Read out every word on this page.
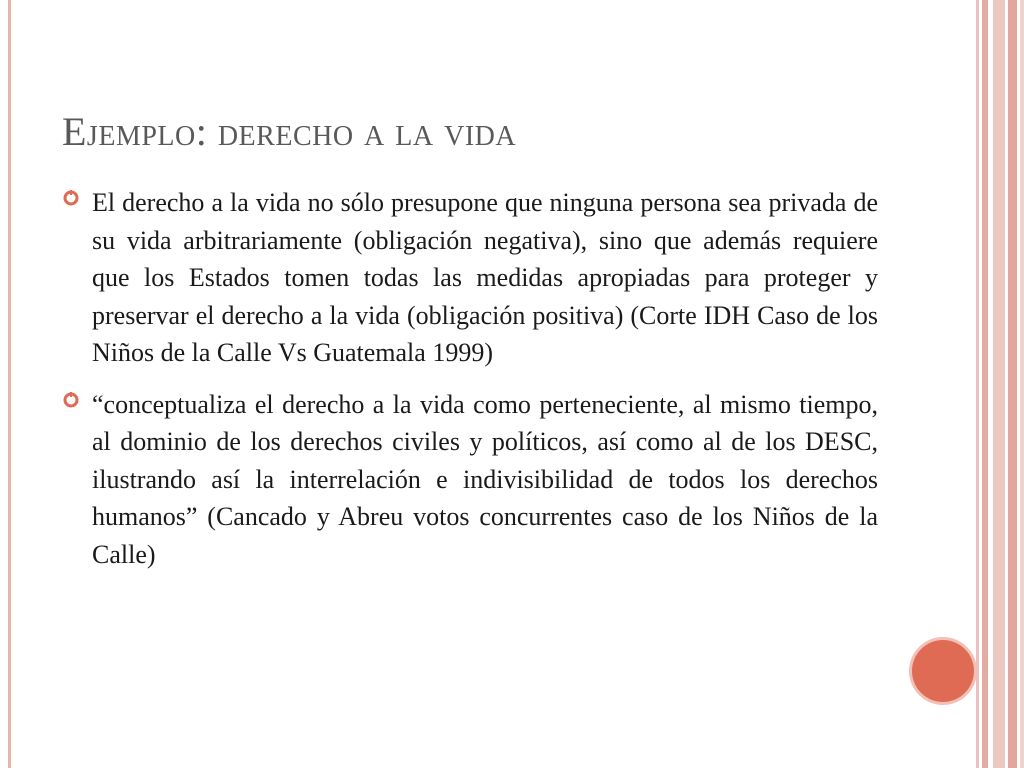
Ejemplo: derecho a la vida
El derecho a la vida no sólo presupone que ninguna persona sea privada de su vida arbitrariamente (obligación negativa), sino que además requiere que los Estados tomen todas las medidas apropiadas para proteger y preservar el derecho a la vida (obligación positiva) (Corte IDH Caso de los Niños de la Calle Vs Guatemala 1999)
“conceptualiza el derecho a la vida como perteneciente, al mismo tiempo, al dominio de los derechos civiles y políticos, así como al de los DESC, ilustrando así la interrelación e indivisibilidad de todos los derechos humanos” (Cancado y Abreu votos concurrentes caso de los Niños de la Calle)
